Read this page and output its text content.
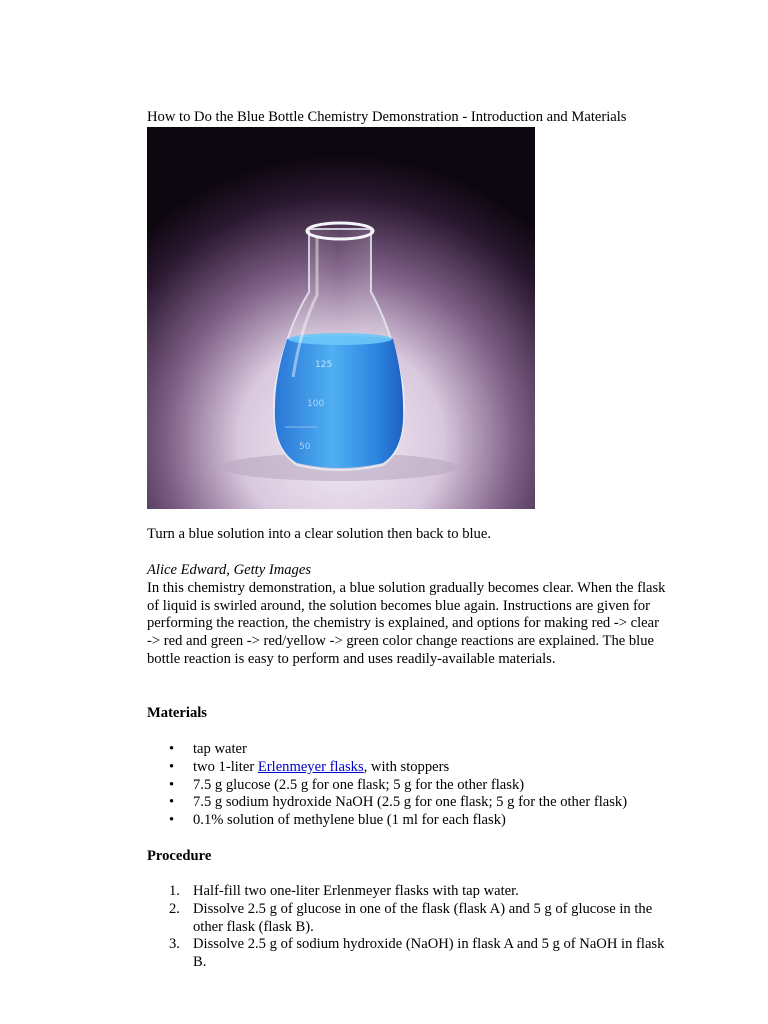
How to Do the Blue Bottle Chemistry Demonstration - Introduction and Materials
125
100
50

Turn a blue solution into a clear solution then back to blue.

Alice Edward, Getty Images
In this chemistry demonstration, a blue solution gradually becomes clear. When the flask of liquid is swirled around, the solution becomes blue again. Instructions are given for performing the reaction, the chemistry is explained, and options for making red -> clear -> red and green -> red/yellow -> green color change reactions are explained. The blue bottle reaction is easy to perform and uses readily-available materials.

Materials
• tap water
• two 1-liter Erlenmeyer flasks, with stoppers
• 7.5 g glucose (2.5 g for one flask; 5 g for the other flask)
• 7.5 g sodium hydroxide NaOH (2.5 g for one flask; 5 g for the other flask)
• 0.1% solution of methylene blue (1 ml for each flask)
Procedure
1. Half-fill two one-liter Erlenmeyer flasks with tap water.
2. Dissolve 2.5 g of glucose in one of the flask (flask A) and 5 g of glucose in the other flask (flask B).
3. Dissolve 2.5 g of sodium hydroxide (NaOH) in flask A and 5 g of NaOH in flask B.
